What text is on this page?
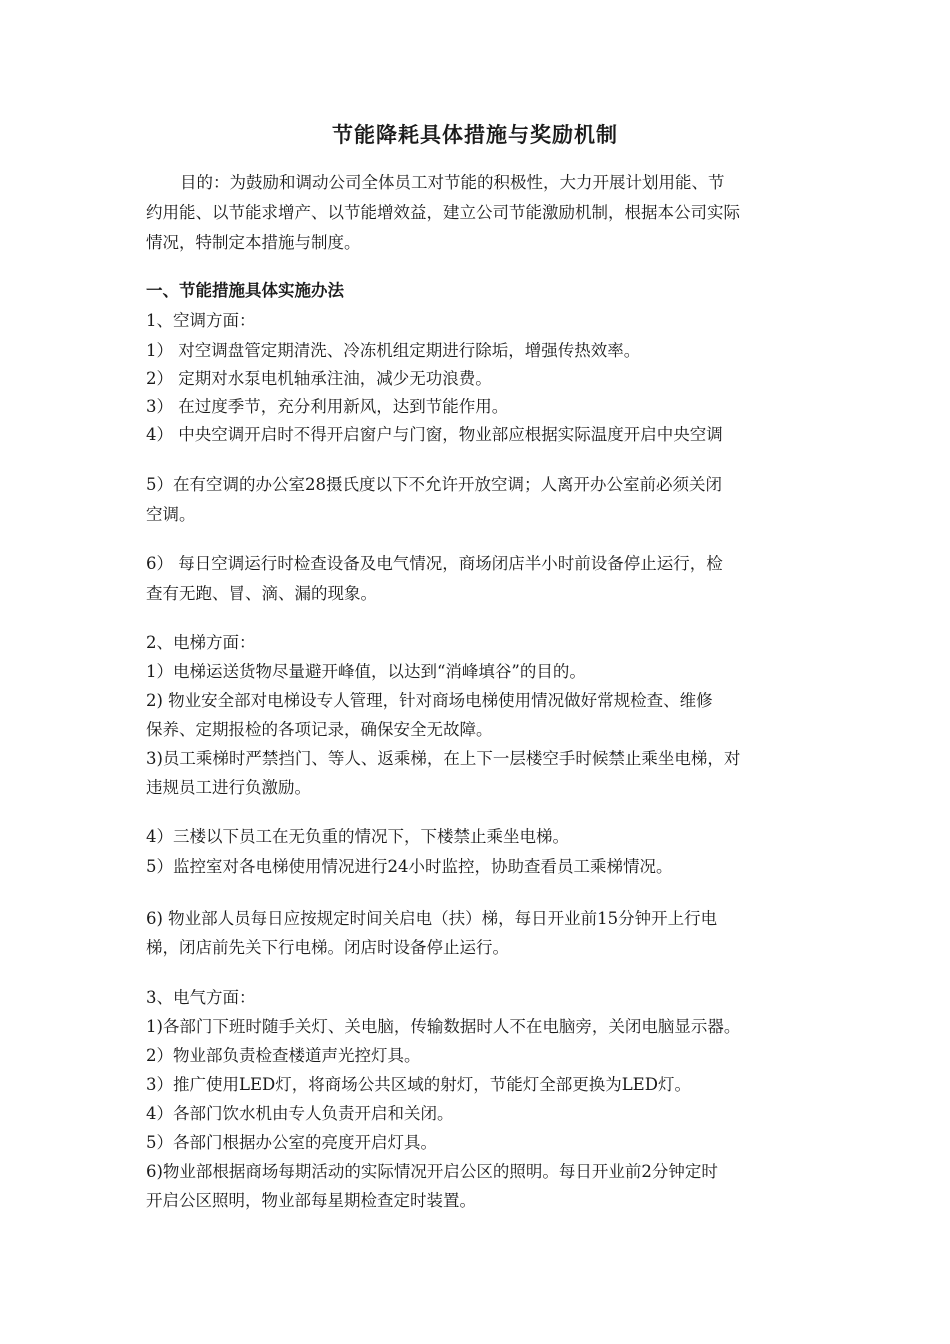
节能降耗具体措施与奖励机制
目的：为鼓励和调动公司全体员工对节能的积极性，大力开展计划用能、节
约用能、以节能求增产、以节能增效益，建立公司节能激励机制，根据本公司实际
情况，特制定本措施与制度。
一、节能措施具体实施办法
1、空调方面：
1） 对空调盘管定期清洗、冷冻机组定期进行除垢，增强传热效率。
2） 定期对水泵电机轴承注油，减少无功浪费。
3） 在过度季节，充分利用新风，达到节能作用。
4） 中央空调开启时不得开启窗户与门窗，物业部应根据实际温度开启中央空调
5）在有空调的办公室28摄氏度以下不允许开放空调；人离开办公室前必须关闭
空调。
6） 每日空调运行时检查设备及电气情况，商场闭店半小时前设备停止运行，检
查有无跑、冒、滴、漏的现象。
2、电梯方面：
1）电梯运送货物尽量避开峰值，以达到“消峰填谷”的目的。
2) 物业安全部对电梯设专人管理，针对商场电梯使用情况做好常规检查、维修
保养、定期报检的各项记录，确保安全无故障。
3)员工乘梯时严禁挡门、等人、返乘梯，在上下一层楼空手时候禁止乘坐电梯，对
违规员工进行负激励。
4）三楼以下员工在无负重的情况下，下楼禁止乘坐电梯。
5）监控室对各电梯使用情况进行24小时监控，协助查看员工乘梯情况。
6) 物业部人员每日应按规定时间关启电（扶）梯，每日开业前15分钟开上行电
梯，闭店前先关下行电梯。闭店时设备停止运行。
3、电气方面：
1)各部门下班时随手关灯、关电脑，传输数据时人不在电脑旁，关闭电脑显示器。
2）物业部负责检查楼道声光控灯具。
3）推广使用LED灯，将商场公共区域的射灯，节能灯全部更换为LED灯。
4）各部门饮水机由专人负责开启和关闭。
5）各部门根据办公室的亮度开启灯具。
6)物业部根据商场每期活动的实际情况开启公区的照明。每日开业前2分钟定时
开启公区照明，物业部每星期检查定时装置。
